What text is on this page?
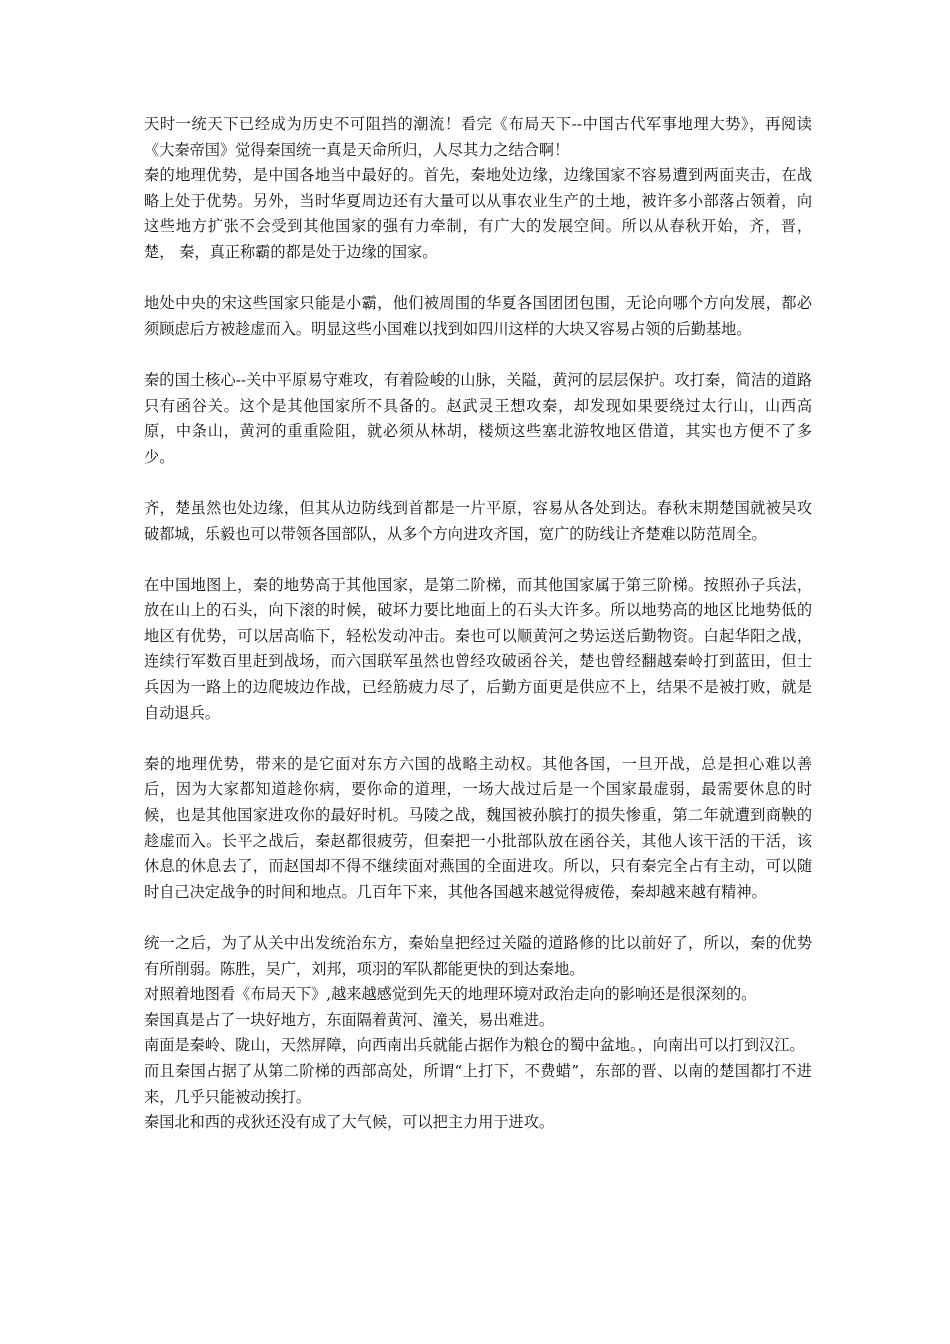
天时一统天下已经成为历史不可阻挡的潮流！看完《布局天下--中国古代军事地理大势》，再阅读《大秦帝国》觉得秦国统一真是天命所归，人尽其力之结合啊！

秦的地理优势，是中国各地当中最好的。首先，秦地处边缘，边缘国家不容易遭到两面夹击，在战略上处于优势。另外，当时华夏周边还有大量可以从事农业生产的土地，被许多小部落占领着，向这些地方扩张不会受到其他国家的强有力牵制，有广大的发展空间。所以从春秋开始，齐，晋，楚， 秦，真正称霸的都是处于边缘的国家。

地处中央的宋这些国家只能是小霸，他们被周围的华夏各国团团包围，无论向哪个方向发展，都必须顾虑后方被趁虚而入。明显这些小国难以找到如四川这样的大块又容易占领的后勤基地。

秦的国土核心--关中平原易守难攻，有着险峻的山脉，关隘，黄河的层层保护。攻打秦，简洁的道路只有函谷关。这个是其他国家所不具备的。赵武灵王想攻秦，却发现如果要绕过太行山，山西高原，中条山，黄河的重重险阻，就必须从林胡，楼烦这些塞北游牧地区借道，其实也方便不了多少。

齐，楚虽然也处边缘，但其从边防线到首都是一片平原，容易从各处到达。春秋末期楚国就被吴攻破都城，乐毅也可以带领各国部队，从多个方向进攻齐国，宽广的防线让齐楚难以防范周全。

在中国地图上，秦的地势高于其他国家，是第二阶梯，而其他国家属于第三阶梯。按照孙子兵法，放在山上的石头，向下滚的时候，破坏力要比地面上的石头大许多。所以地势高的地区比地势低的地区有优势，可以居高临下，轻松发动冲击。秦也可以顺黄河之势运送后勤物资。白起华阳之战，连续行军数百里赶到战场，而六国联军虽然也曾经攻破函谷关，楚也曾经翻越秦岭打到蓝田，但士兵因为一路上的边爬坡边作战，已经筋疲力尽了，后勤方面更是供应不上，结果不是被打败，就是自动退兵。

秦的地理优势，带来的是它面对东方六国的战略主动权。其他各国，一旦开战，总是担心难以善后，因为大家都知道趁你病，要你命的道理，一场大战过后是一个国家最虚弱，最需要休息的时候，也是其他国家进攻你的最好时机。马陵之战，魏国被孙膑打的损失惨重，第二年就遭到商鞅的趁虚而入。长平之战后，秦赵都很疲劳，但秦把一小批部队放在函谷关，其他人该干活的干活，该休息的休息去了，而赵国却不得不继续面对燕国的全面进攻。所以，只有秦完全占有主动，可以随时自己决定战争的时间和地点。几百年下来，其他各国越来越觉得疲倦，秦却越来越有精神。

统一之后，为了从关中出发统治东方，秦始皇把经过关隘的道路修的比以前好了，所以，秦的优势有所削弱。陈胜，吴广，刘邦，项羽的军队都能更快的到达秦地。

对照着地图看《布局天下》,越来越感觉到先天的地理环境对政治走向的影响还是很深刻的。

秦国真是占了一块好地方，东面隔着黄河、潼关，易出难进。

南面是秦岭、陇山，天然屏障，向西南出兵就能占据作为粮仓的蜀中盆地。，向南出可以打到汉江。

而且秦国占据了从第二阶梯的西部高处，所谓“上打下，不费蜡”，东部的晋、以南的楚国都打不进来，几乎只能被动挨打。

秦国北和西的戎狄还没有成了大气候，可以把主力用于进攻。
